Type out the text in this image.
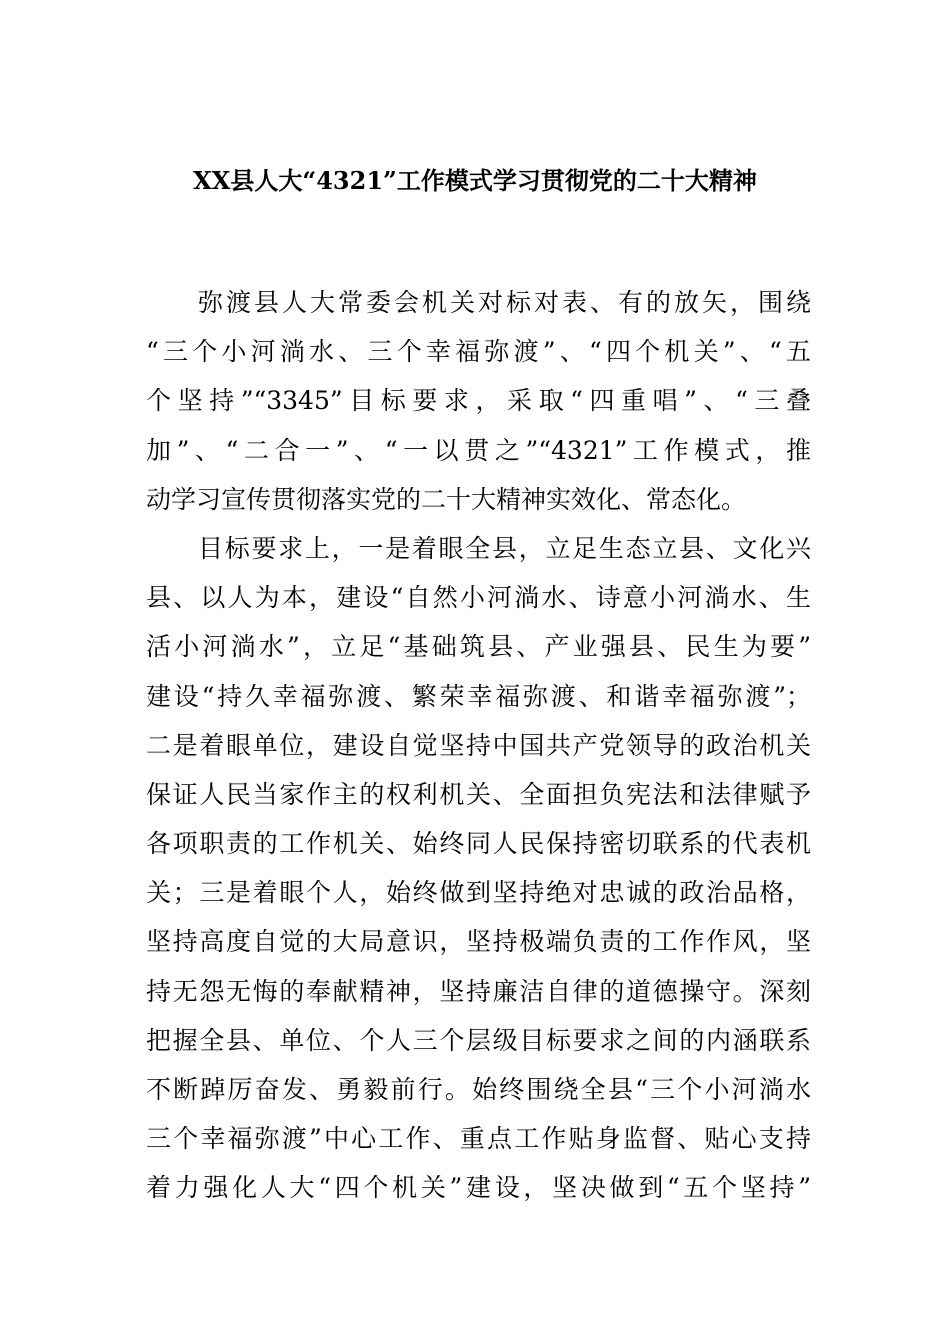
XX县人大“4321”工作模式学习贯彻党的二十大精神
弥渡县人大常委会机关对标对表、有的放矢，围绕
“三个小河淌水、三个幸福弥渡”、“四个机关”、“五
个坚持”“3345”目标要求，采取“四重唱”、“三叠
加”、“二合一”、“一以贯之”“4321”工作模式，推
动学习宣传贯彻落实党的二十大精神实效化、常态化。
目标要求上，一是着眼全县，立足生态立县、文化兴
县、以人为本，建设“自然小河淌水、诗意小河淌水、生
活小河淌水”，立足“基础筑县、产业强县、民生为要”
建设“持久幸福弥渡、繁荣幸福弥渡、和谐幸福弥渡”；
二是着眼单位，建设自觉坚持中国共产党领导的政治机关
保证人民当家作主的权利机关、全面担负宪法和法律赋予
各项职责的工作机关、始终同人民保持密切联系的代表机
关；三是着眼个人，始终做到坚持绝对忠诚的政治品格，
坚持高度自觉的大局意识，坚持极端负责的工作作风，坚
持无怨无悔的奉献精神，坚持廉洁自律的道德操守。深刻
把握全县、单位、个人三个层级目标要求之间的内涵联系
不断踔厉奋发、勇毅前行。始终围绕全县“三个小河淌水
三个幸福弥渡”中心工作、重点工作贴身监督、贴心支持
着力强化人大“四个机关”建设，坚决做到“五个坚持”
